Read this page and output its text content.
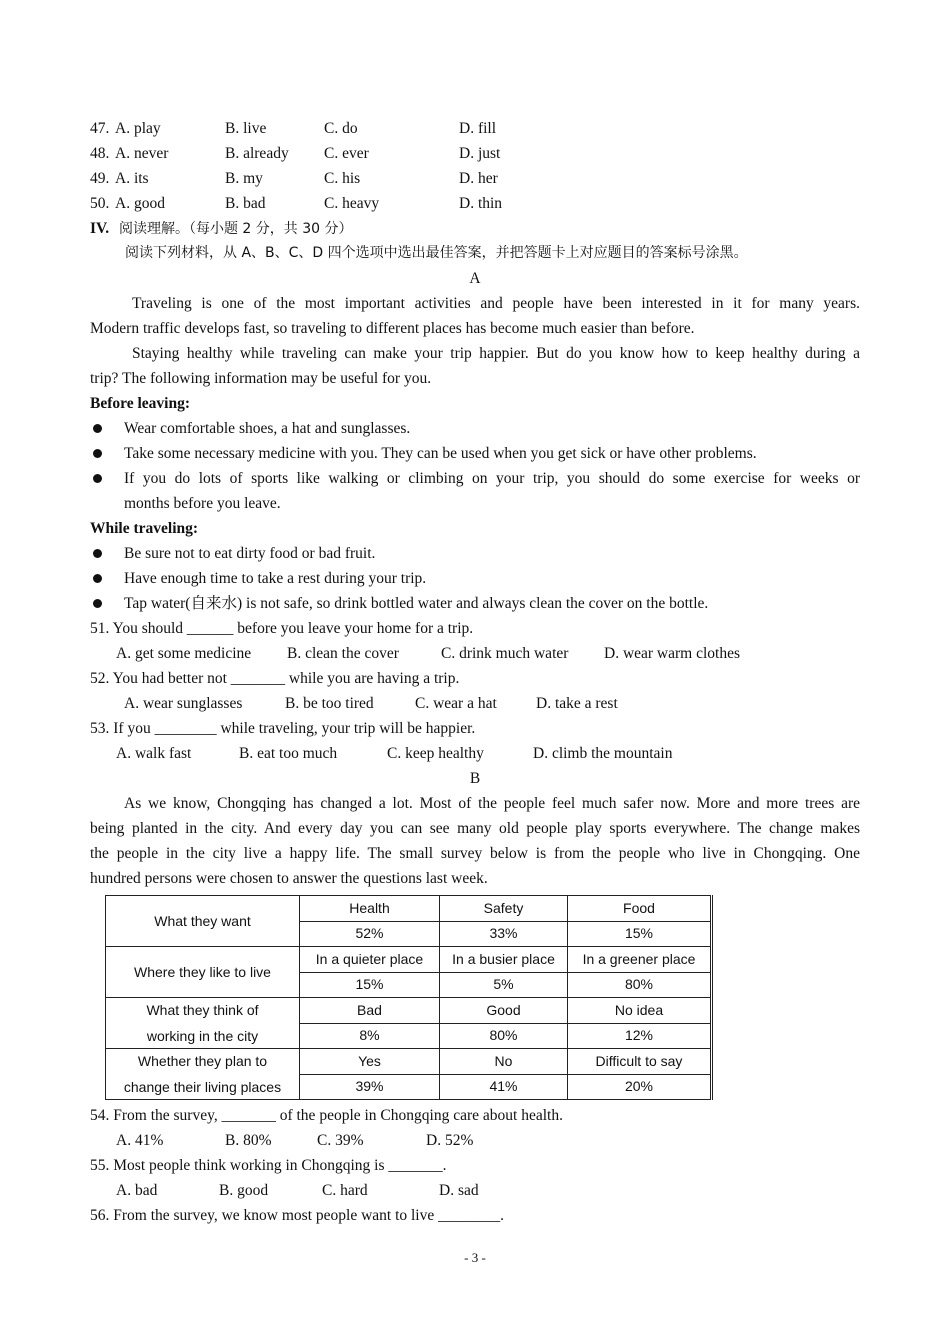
47. A. play	B. live	C. do	D. fill
48. A. never	B. already C. ever	D. just
49. A. its	B. my	C. his	D. her
50. A. good	B. bad	C. heavy	D. thin
IV. 阅读理解。（每小题 2 分，共 30 分）
阅读下列材料，从 A、B、C、D 四个选项中选出最佳答案，并把答题卡上对应题目的答案标号涂黑。
A
Traveling is one of the most important activities and people have been interested in it for many years.
Modern traffic develops fast, so traveling to different places has become much easier than before.
Staying healthy while traveling can make your trip happier. But do you know how to keep healthy during a
trip? The following information may be useful for you.
Before leaving:
Wear comfortable shoes, a hat and sunglasses.
Take some necessary medicine with you. They can be used when you get sick or have other problems.
If you do lots of sports like walking or climbing on your trip, you should do some exercise for weeks or
months before you leave.
While traveling:
Be sure not to eat dirty food or bad fruit.
Have enough time to take a rest during your trip.
Tap water(自来水) is not safe, so drink bottled water and always clean the cover on the bottle.
51. You should ______ before you leave your home for a trip.
A. get some medicine B. clean the cover	C. drink much water D. wear warm clothes
52. You had better not _______ while you are having a trip.
A. wear sunglasses	B. be too tired	C. wear a hat	D. take a rest
53. If you ________ while traveling, your trip will be happier.
A. walk fast	B. eat too much	C. keep healthy	D. climb the mountain
B
As we know, Chongqing has changed a lot. Most of the people feel much safer now. More and more trees are
being planted in the city. And every day you can see many old people play sports everywhere. The change makes
the people in the city live a happy life. The small survey below is from the people who live in Chongqing. One
hundred persons were chosen to answer the questions last week.
What they want	Health	Safety	Food
	52%	33%	15%
Where they like to live	In a quieter place	In a busier place	In a greener place
	15%	5%	80%

What they think of
working in the city	Bad	Good	No idea
	8%	80%	12%

Whether they plan to
change their living places	Yes	No	Difficult to say
	39%	41%	20%
54. From the survey, _______ of the people in Chongqing care about health.
A. 41%	B. 80%	C. 39%	D. 52%
55. Most people think working in Chongqing is _______.
A. bad	B. good	C. hard	D. sad
56. From the survey, we know most people want to live ________.
- 3 -
